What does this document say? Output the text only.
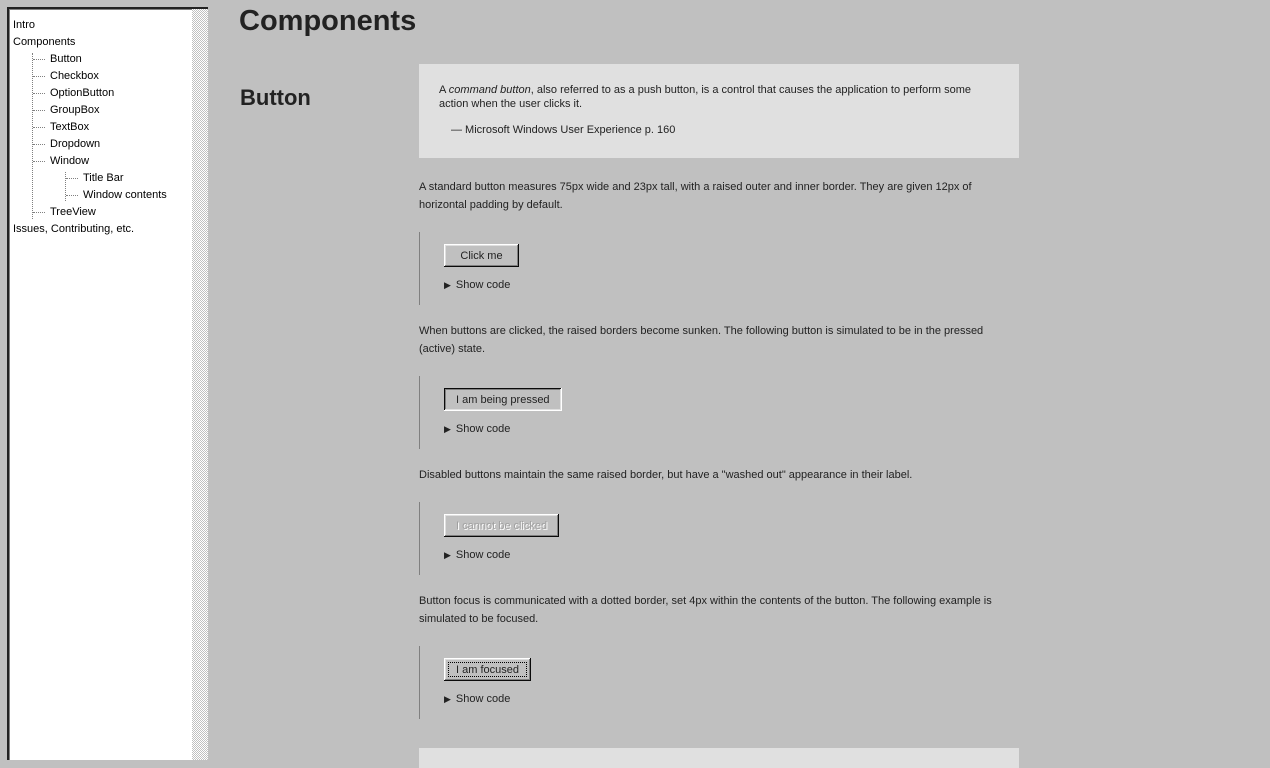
Intro
Components
Button
Checkbox
OptionButton
GroupBox
TextBox
Dropdown
Window
Title Bar
Window contents
TreeView
Issues, Contributing, etc.
Components
Button	A command button, also referred to as a push button, is a control that causes the application to perform some action when the user clicks it.
— Microsoft Windows User Experience p. 160

A standard button measures 75px wide and 23px tall, with a raised outer and inner border. They are given 12px of horizontal padding by default.

Click me
▶ Show code

When buttons are clicked, the raised borders become sunken. The following button is simulated to be in the pressed (active) state.

I am being pressed
▶ Show code

Disabled buttons maintain the same raised border, but have a "washed out" appearance in their label.

I cannot be clicked
▶ Show code

Button focus is communicated with a dotted border, set 4px within the contents of the button. The following example is simulated to be focused.

I am focused
▶ Show code
